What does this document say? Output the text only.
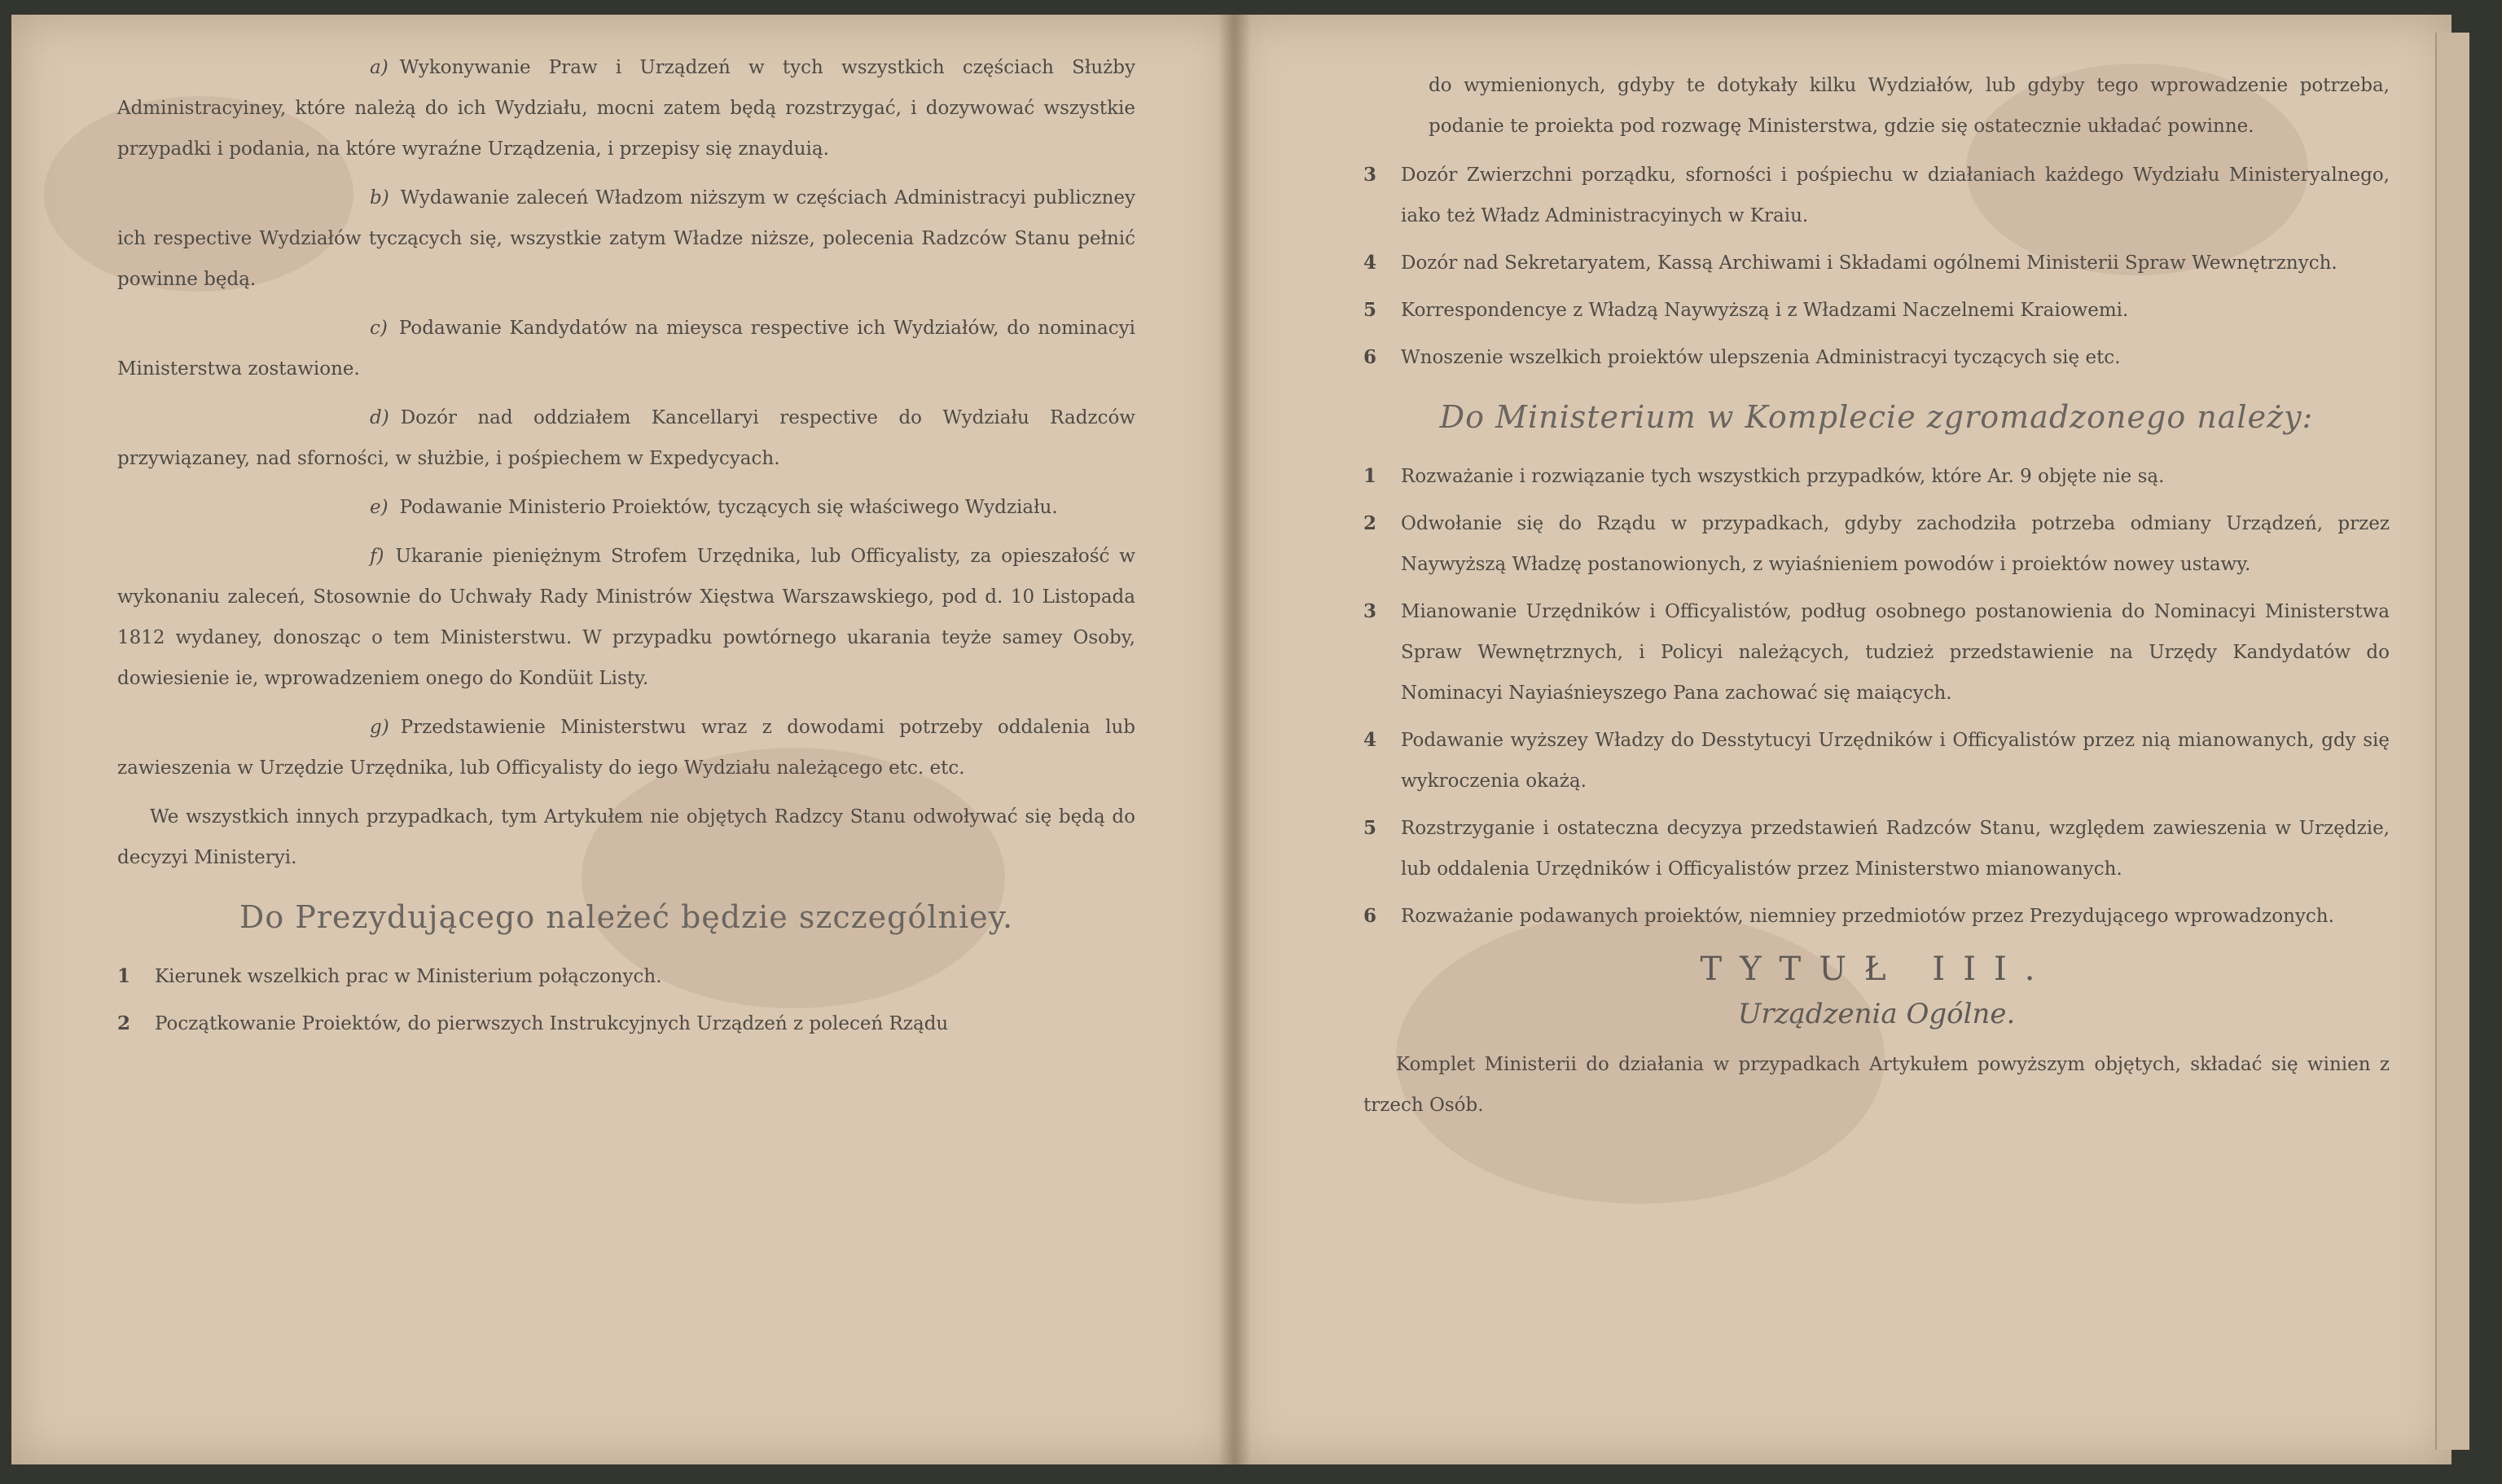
a) Wykonywanie Praw i Urządzeń w tych wszystkich częściach Służby Administracyiney, które należą do ich Wydziału, mocni zatem będą rozstrzygać, i dozywować wszystkie przypadki i podania, na które wyraźne Urządzenia, i przepisy się znayduią.
b) Wydawanie zaleceń Władzom niższym w częściach Administracyi publiczney ich respective Wydziałów tyczących się, wszystkie zatym Władze niższe, polecenia Radzców Stanu pełnić powinne będą.
c) Podawanie Kandydatów na mieysca respective ich Wydziałów, do nominacyi Ministerstwa zostawione.
d) Dozór nad oddziałem Kancellaryi respective do Wydziału Radzców przywiązaney, nad sforności, w służbie, i pośpiechem w Expedycyach.
e) Podawanie Ministerio Proiektów, tyczących się właściwego Wydziału.
f) Ukaranie pieniężnym Strofem Urzędnika, lub Officyalisty, za opieszałość w wykonaniu zaleceń, Stosownie do Uchwały Rady Ministrów Xięstwa Warszawskiego, pod d. 10 Listopada 1812 wydaney, donosząc o tem Ministerstwu. W przypadku powtórnego ukarania teyże samey Osoby, dowiesienie ie, wprowadzeniem onego do Kondüit Listy.
g) Przedstawienie Ministerstwu wraz z dowodami potrzeby oddalenia lub zawieszenia w Urzędzie Urzędnika, lub Officyalisty do iego Wydziału należącego etc. etc.
We wszystkich innych przypadkach, tym Artykułem nie objętych Radzcy Stanu odwoływać się będą do decyzyi Ministeryi.
Do Prezydującego należeć będzie szczególniey.
1	Kierunek wszelkich prac w Ministerium połączonych.
2	Początkowanie Proiektów, do pierwszych Instrukcyjnych Urządzeń z poleceń Rządu
do wymienionych, gdyby te dotykały kilku Wydziałów, lub gdyby tego wprowadzenie potrzeba, podanie te proiekta pod rozwagę Ministerstwa, gdzie się ostatecznie układać powinne.
3	Dozór Zwierzchni porządku, sforności i pośpiechu w działaniach każdego Wydziału Ministeryalnego, iako też Władz Administracyinych w Kraiu.
4	Dozór nad Sekretaryatem, Kassą Archiwami i Składami ogólnemi Ministerii Spraw Wewnętrznych.
5	Korrespondencye z Władzą Naywyższą i z Władzami Naczelnemi Kraiowemi.
6	Wnoszenie wszelkich proiektów ulepszenia Administracyi tyczących się etc.
Do Ministerium w Komplecie zgromadzonego należy:
1	Rozważanie i rozwiązanie tych wszystkich przypadków, które Ar. 9 objęte nie są.
2	Odwołanie się do Rządu w przypadkach, gdyby zachodziła potrzeba odmiany Urządzeń, przez Naywyższą Władzę postanowionych, z wyiaśnieniem powodów i proiektów nowey ustawy.
3	Mianowanie Urzędników i Officyalistów, podług osobnego postanowienia do Nominacyi Ministerstwa Spraw Wewnętrznych, i Policyi należących, tudzież przedstawienie na Urzędy Kandydatów do Nominacyi Nayiaśnieyszego Pana zachować się maiących.
4	Podawanie wyższey Władzy do Desstytucyi Urzędników i Officyalistów przez nią mianowanych, gdy się wykroczenia okażą.
5	Rozstrzyganie i ostateczna decyzya przedstawień Radzców Stanu, względem zawieszenia w Urzędzie, lub oddalenia Urzędników i Officyalistów przez Ministerstwo mianowanych.
6	Rozważanie podawanych proiektów, niemniey przedmiotów przez Prezydującego wprowadzonych.
TYTUŁ III.
Urządzenia Ogólne.
Komplet Ministerii do działania w przypadkach Artykułem powyższym objętych, składać się winien z trzech Osób.
